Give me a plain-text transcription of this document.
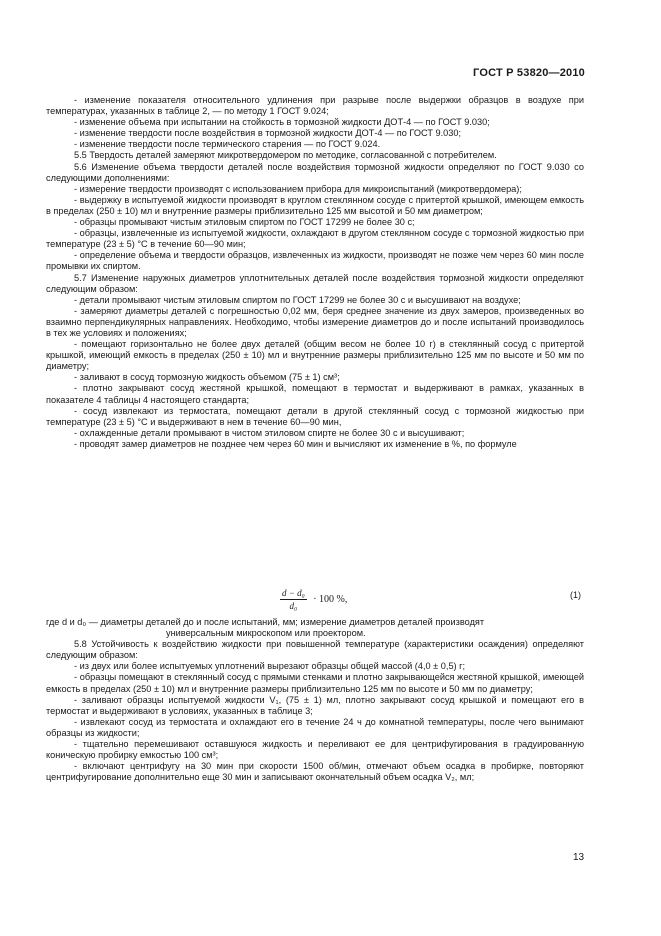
ГОСТ Р 53820—2010

- изменение показателя относительного удлинения при разрыве после выдержки образцов в воздухе при температурах, указанных в таблице 2, — по методу 1 ГОСТ 9.024;

- изменение объема при испытании на стойкость в тормозной жидкости ДОТ-4 — по ГОСТ 9.030;

- изменение твердости после воздействия в тормозной жидкости ДОТ-4 — по ГОСТ 9.030;

- изменение твердости после термического старения — по ГОСТ 9.024.

5.5 Твердость деталей замеряют микротвердомером по методике, согласованной с потребителем.

5.6 Изменение объема твердости деталей после воздействия тормозной жидкости определяют по ГОСТ 9.030 со следующими дополнениями:

- измерение твердости производят с использованием прибора для микроиспытаний (микротвердомера);

- выдержку в испытуемой жидкости производят в круглом стеклянном сосуде с притертой крышкой, имеющем емкость в пределах (250 ± 10) мл и внутренние размеры приблизительно 125 мм высотой и 50 мм диаметром;

- образцы промывают чистым этиловым спиртом по ГОСТ 17299 не более 30 с;

- образцы, извлеченные из испытуемой жидкости, охлаждают в другом стеклянном сосуде с тормозной жидкостью при температуре (23 ± 5) °С в течение 60—90 мин;

- определение объема и твердости образцов, извлеченных из жидкости, производят не позже чем через 60 мин после промывки их спиртом.

5.7 Изменение наружных диаметров уплотнительных деталей после воздействия тормозной жидкости определяют следующим образом:

- детали промывают чистым этиловым спиртом по ГОСТ 17299 не более 30 с и высушивают на воздухе;

- замеряют диаметры деталей с погрешностью 0,02 мм, беря среднее значение из двух замеров, произведенных во взаимно перпендикулярных направлениях. Необходимо, чтобы измерение диаметров до и после испытаний производилось в тех же условиях и положениях;

- помещают горизонтально не более двух деталей (общим весом не более 10 г) в стеклянный сосуд с притертой крышкой, имеющий емкость в пределах (250 ± 10) мл и внутренние размеры приблизительно 125 мм по высоте и 50 мм по диаметру;

- заливают в сосуд тормозную жидкость объемом (75 ± 1) см³;

- плотно закрывают сосуд жестяной крышкой, помещают в термостат и выдерживают в рамках, указанных в показателе 4 таблицы 4 настоящего стандарта;

- сосуд извлекают из термостата, помещают детали в другой стеклянный сосуд с тормозной жидкостью при температуре (23 ± 5) °С и выдерживают в нем в течение 60—90 мин,

- охлажденные детали промывают в чистом этиловом спирте не более 30 с и высушивают;

- проводят замер диаметров не позднее чем через 60 мин и вычисляют их изменение в %, по формуле

$\frac{\text{d − d₀}}{\text{d₀}} \cdot 100$ %,	(1)

где d и d₀ — диаметры деталей до и после испытаний, мм; измерение диаметров деталей производят

универсальным микроскопом или проектором.

5.8 Устойчивость к воздействию жидкости при повышенной температуре (характеристики осаждения) определяют следующим образом:

- из двух или более испытуемых уплотнений вырезают образцы общей массой (4,0 ± 0,5) г;

- образцы помещают в стеклянный сосуд с прямыми стенками и плотно закрывающейся жестяной крышкой, имеющей емкость в пределах (250 ± 10) мл и внутренние размеры приблизительно 125 мм по высоте и 50 мм по диаметру;

- заливают образцы испытуемой жидкости V₁, (75 ± 1) мл, плотно закрывают сосуд крышкой и помещают его в термостат и выдерживают в условиях, указанных в таблице 3;

- извлекают сосуд из термостата и охлаждают его в течение 24 ч до комнатной температуры, после чего вынимают образцы из жидкости;

- тщательно перемешивают оставшуюся жидкость и переливают ее для центрифугирования в градуированную коническую пробирку емкостью 100 см³;

- включают центрифугу на 30 мин при скорости 1500 об/мин, отмечают объем осадка в пробирке, повторяют центрифугирование дополнительно еще 30 мин и записывают окончательный объем осадка V₂, мл;

13
